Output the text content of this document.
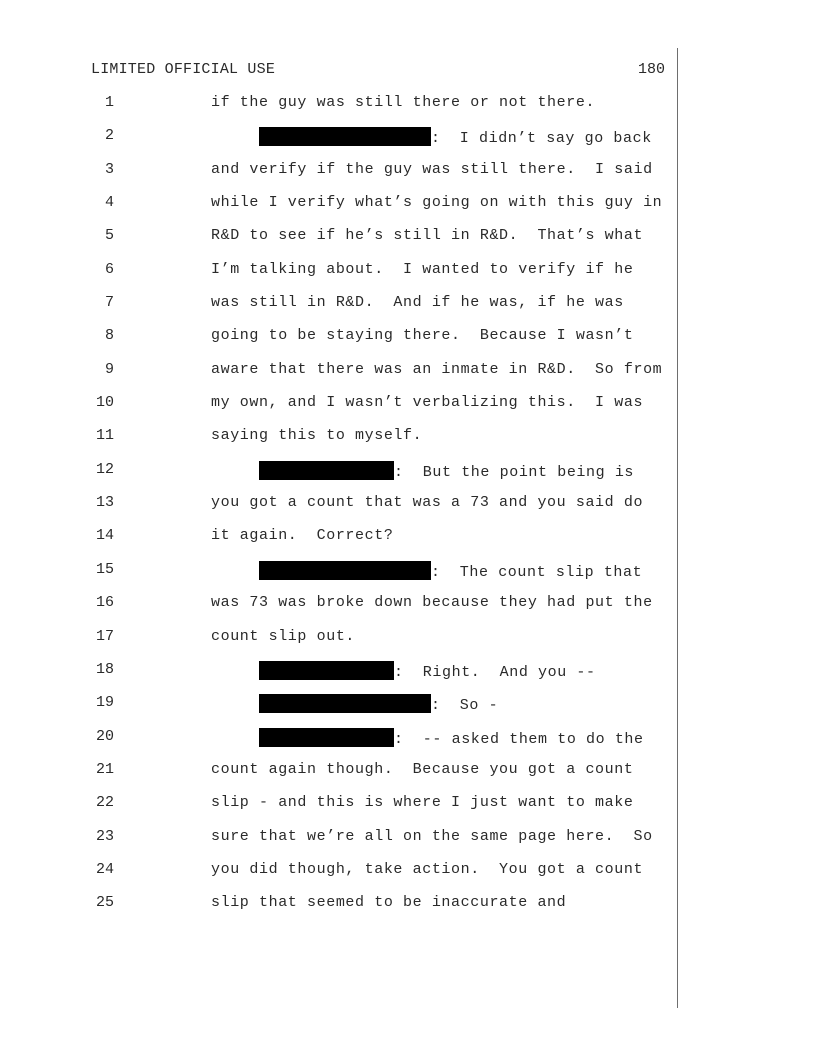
LIMITED OFFICIAL USE	180

1

	if the guy was still there or not there.

2

	:  I didn’t say go back

3

	and verify if the guy was still there.  I said

4

	while I verify what’s going on with this guy in

5

	R&D to see if he’s still in R&D.  That’s what

6

	I’m talking about.  I wanted to verify if he

7

	was still in R&D.  And if he was, if he was

8

	going to be staying there.  Because I wasn’t

9

	aware that there was an inmate in R&D.  So from

10

	my own, and I wasn’t verbalizing this.  I was

11

	saying this to myself.

12

	:  But the point being is

13

	you got a count that was a 73 and you said do

14

	it again.  Correct?

15

	:  The count slip that

16

	was 73 was broke down because they had put the

17

	count slip out.

18

	:  Right.  And you --

19

	:  So -

20

	:  -- asked them to do the

21

	count again though.  Because you got a count

22

	slip - and this is where I just want to make

23

	sure that we’re all on the same page here.  So

24

	you did though, take action.  You got a count

25

	slip that seemed to be inaccurate and
